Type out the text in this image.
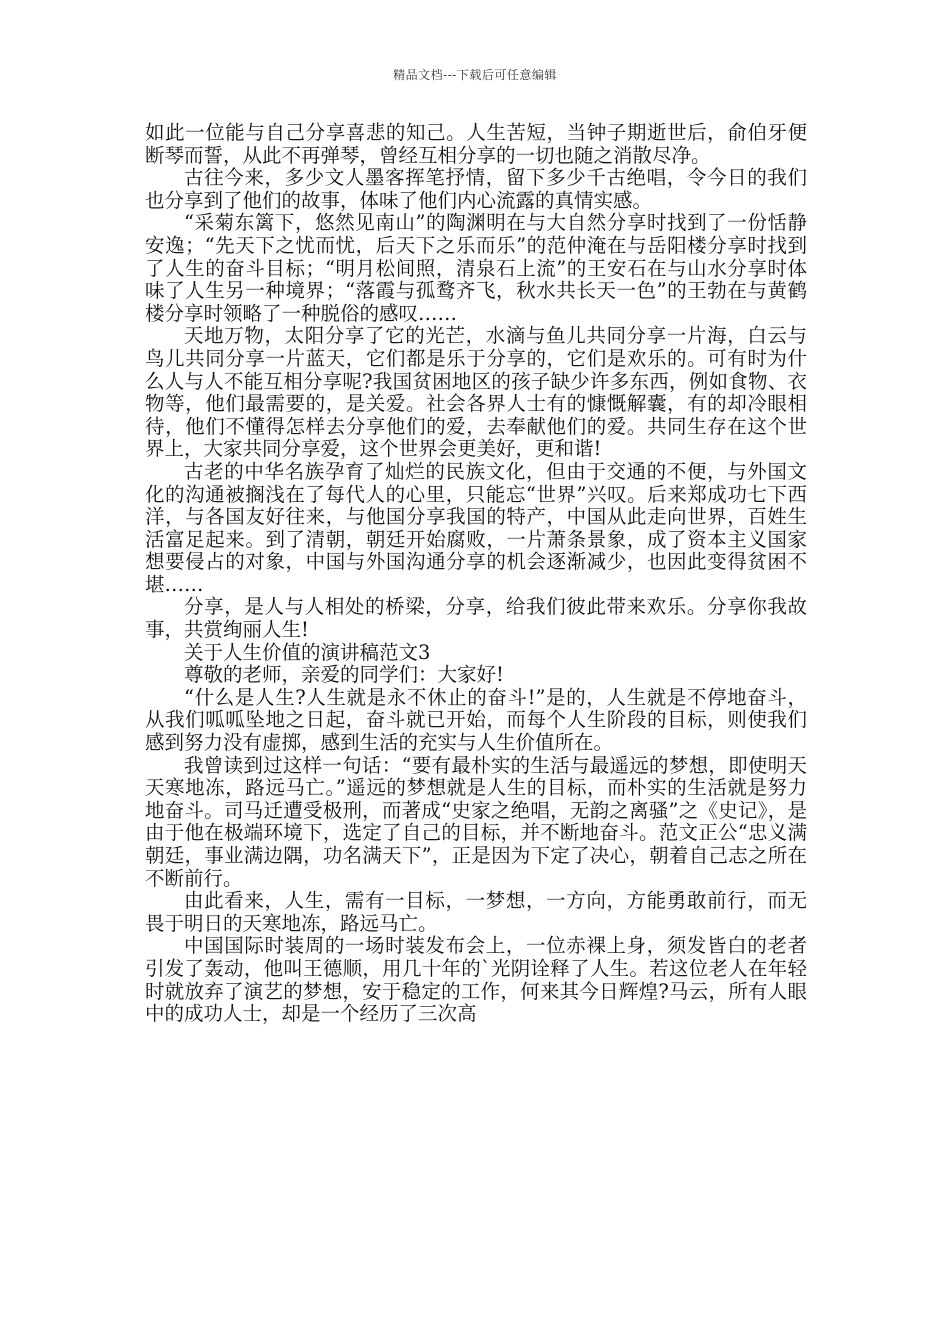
精品文档---下载后可任意编辑

如此一位能与自己分享喜悲的知己。人生苦短，当钟子期逝世后，俞伯牙便断琴而誓，从此不再弹琴，曾经互相分享的一切也随之消散尽净。

古往今来，多少文人墨客挥笔抒情，留下多少千古绝唱，令今日的我们也分享到了他们的故事，体味了他们内心流露的真情实感。

“采菊东篱下，悠然见南山”的陶渊明在与大自然分享时找到了一份恬静安逸；“先天下之忧而忧，后天下之乐而乐”的范仲淹在与岳阳楼分享时找到了人生的奋斗目标；“明月松间照，清泉石上流”的王安石在与山水分享时体味了人生另一种境界；“落霞与孤鹜齐飞，秋水共长天一色”的王勃在与黄鹤楼分享时领略了一种脱俗的感叹……

天地万物，太阳分享了它的光芒，水滴与鱼儿共同分享一片海，白云与鸟儿共同分享一片蓝天，它们都是乐于分享的，它们是欢乐的。可有时为什么人与人不能互相分享呢?我国贫困地区的孩子缺少许多东西，例如食物、衣物等，他们最需要的，是关爱。社会各界人士有的慷慨解囊，有的却冷眼相待，他们不懂得怎样去分享他们的爱，去奉献他们的爱。共同生存在这个世界上，大家共同分享爱，这个世界会更美好，更和谐!

古老的中华名族孕育了灿烂的民族文化，但由于交通的不便，与外国文化的沟通被搁浅在了每代人的心里，只能忘“世界”兴叹。后来郑成功七下西洋，与各国友好往来，与他国分享我国的特产，中国从此走向世界，百姓生活富足起来。到了清朝，朝廷开始腐败，一片萧条景象，成了资本主义国家想要侵占的对象，中国与外国沟通分享的机会逐渐减少，也因此变得贫困不堪……

分享，是人与人相处的桥梁，分享，给我们彼此带来欢乐。分享你我故事，共赏绚丽人生!

关于人生价值的演讲稿范文3

尊敬的老师，亲爱的同学们：大家好!

“什么是人生?人生就是永不休止的奋斗!”是的，人生就是不停地奋斗，从我们呱呱坠地之日起，奋斗就已开始，而每个人生阶段的目标，则使我们感到努力没有虚掷，感到生活的充实与人生价值所在。

我曾读到过这样一句话：“要有最朴实的生活与最遥远的梦想，即使明天天寒地冻，路远马亡。”遥远的梦想就是人生的目标，而朴实的生活就是努力地奋斗。司马迁遭受极刑，而著成“史家之绝唱，无韵之离骚”之《史记》，是由于他在极端环境下，选定了自己的目标，并不断地奋斗。范文正公“忠义满朝廷，事业满边隅，功名满天下”，正是因为下定了决心，朝着自己志之所在不断前行。

由此看来，人生，需有一目标，一梦想，一方向，方能勇敢前行，而无畏于明日的天寒地冻，路远马亡。

中国国际时装周的一场时装发布会上，一位赤裸上身，须发皆白的老者引发了轰动，他叫王德顺，用几十年的`光阴诠释了人生。若这位老人在年轻时就放弃了演艺的梦想，安于稳定的工作，何来其今日辉煌?马云，所有人眼中的成功人士，却是一个经历了三次高
